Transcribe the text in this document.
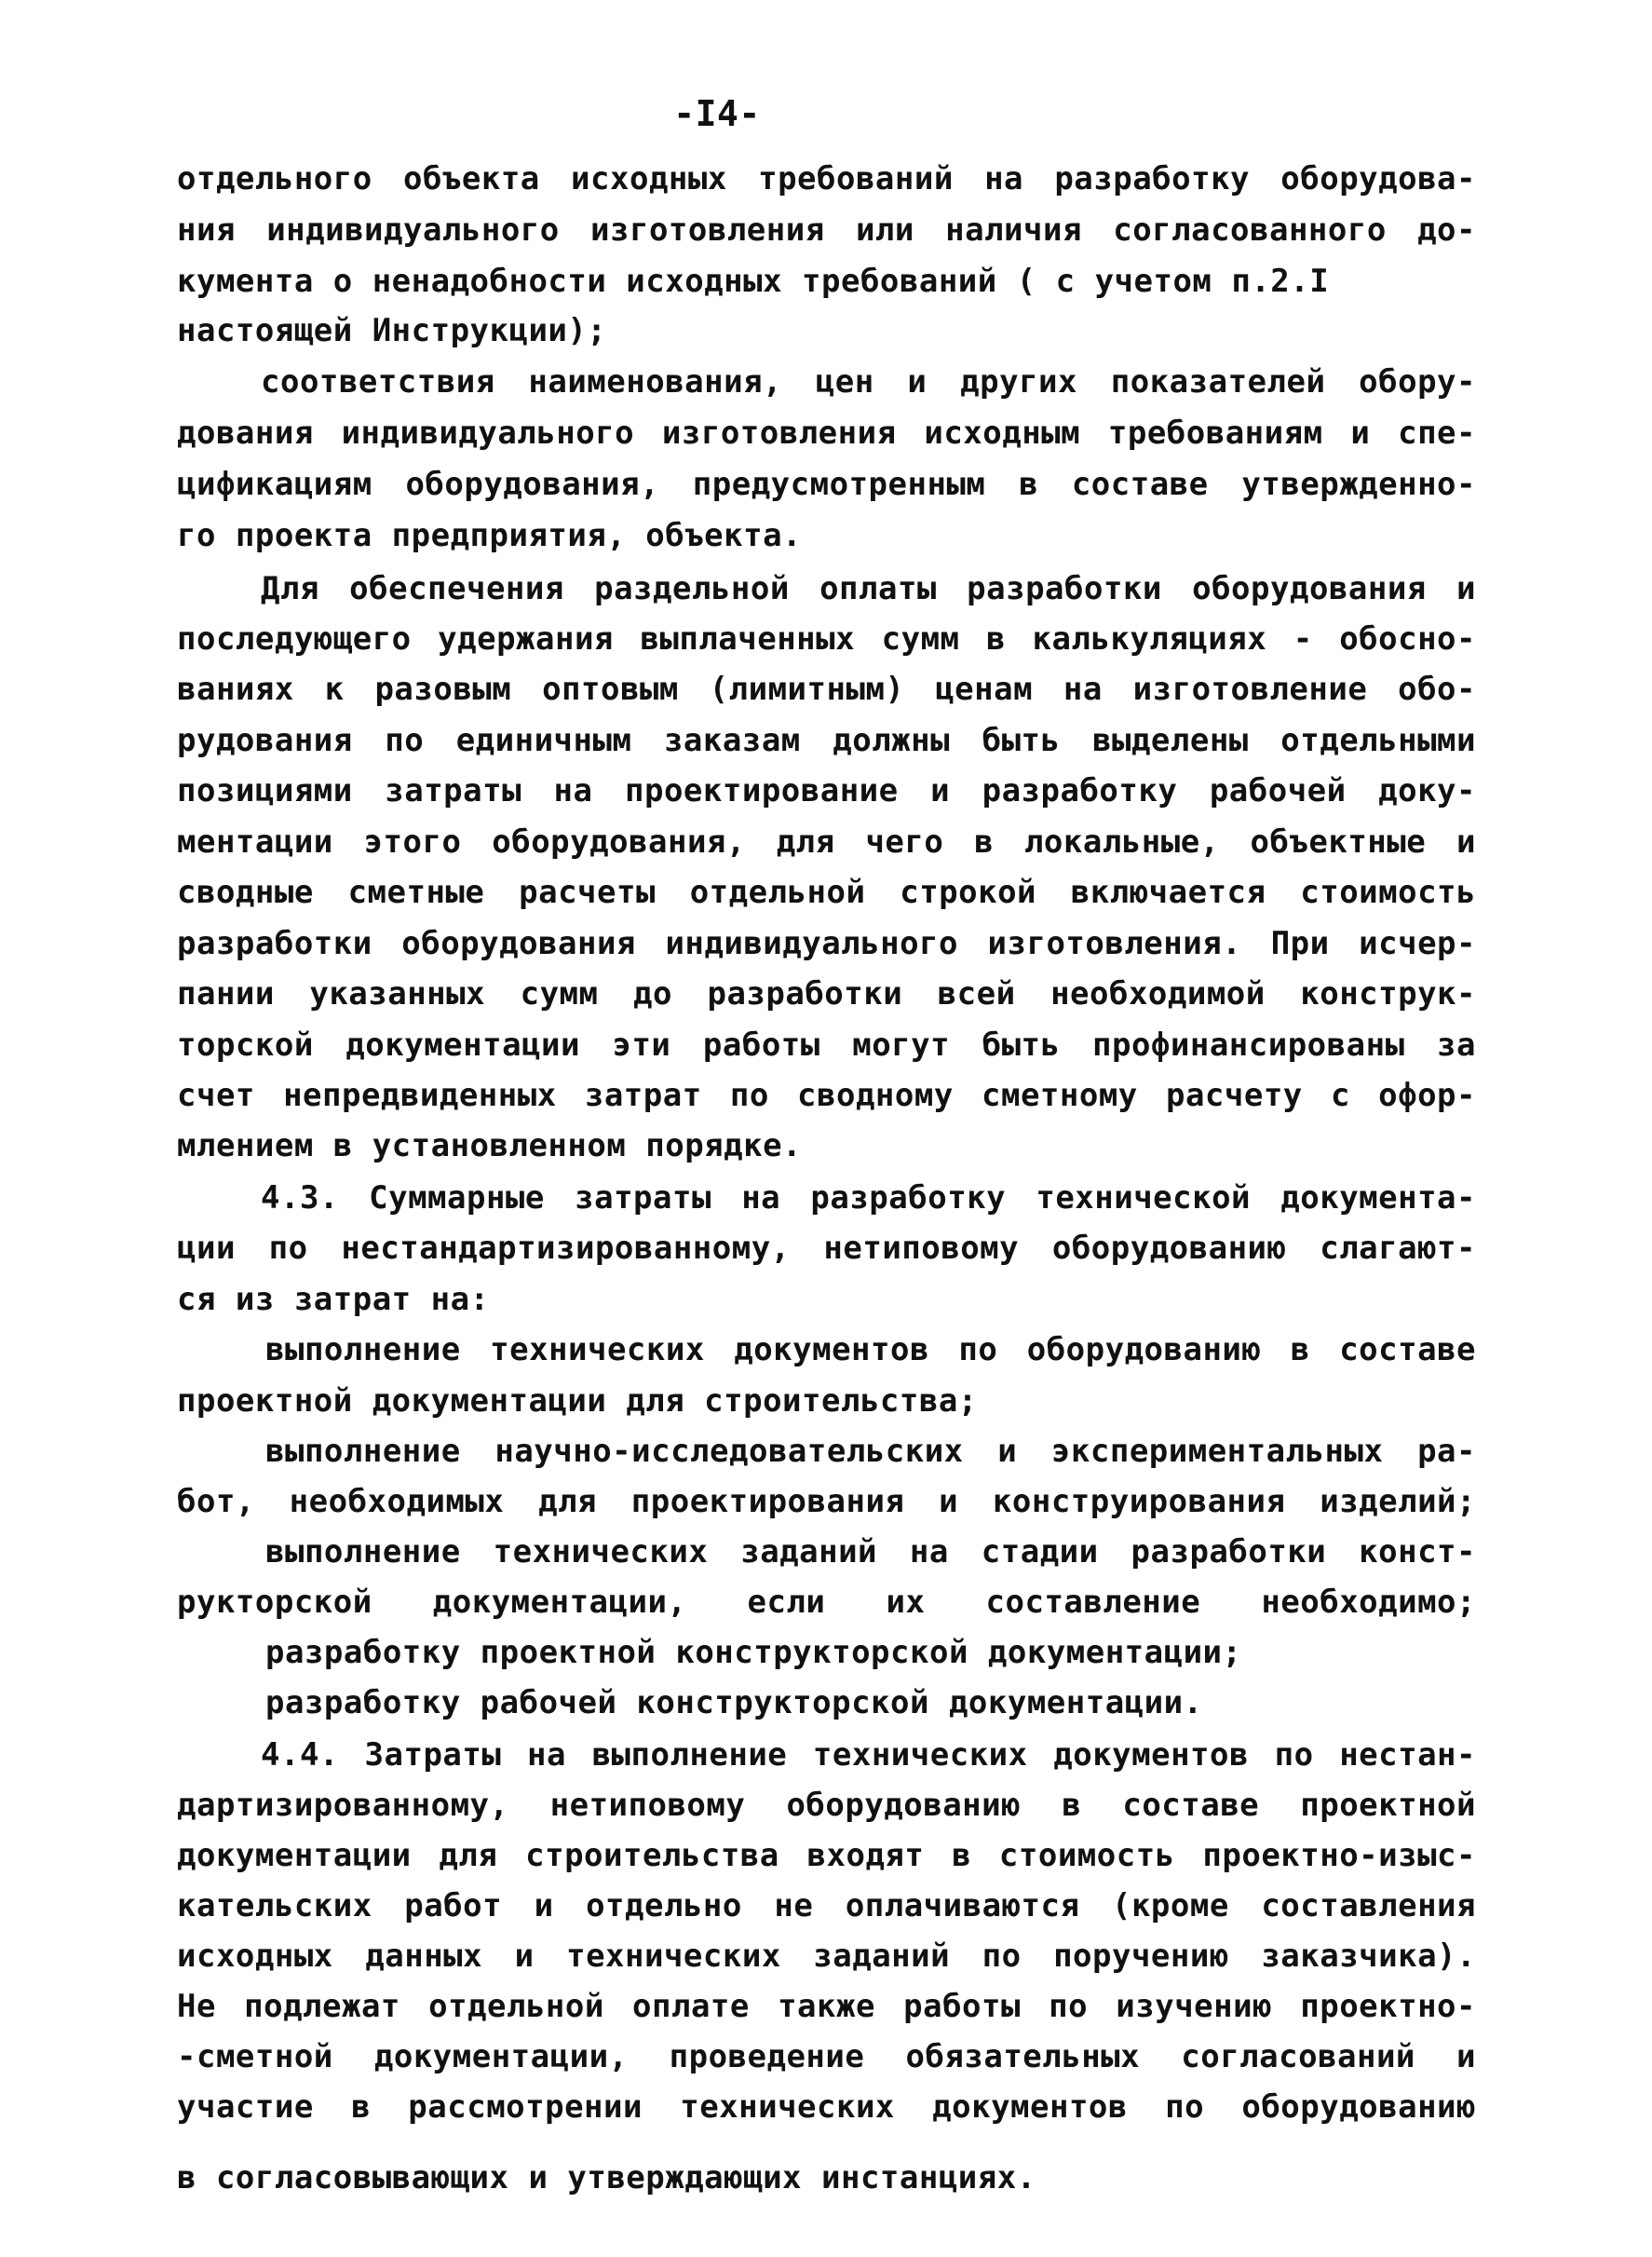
-I4-
отдельного объекта исходных требований на разработку оборудова-
ния индивидуального изготовления или наличия согласованного до-
кумента о ненадобности исходных требований ( с учетом п.2.I
настоящей Инструкции);
соответствия наименования, цен и других показателей обору-
дования индивидуального изготовления исходным требованиям и спе-
цификациям оборудования, предусмотренным в составе утвержденно-
го проекта предприятия, объекта.
Для обеспечения раздельной оплаты разработки оборудования и
последующего удержания выплаченных сумм в калькуляциях - обосно-
ваниях к разовым оптовым (лимитным) ценам на изготовление обо-
рудования по единичным заказам должны быть выделены отдельными
позициями затраты на проектирование и разработку рабочей доку-
ментации этого оборудования, для чего в локальные, объектные и
сводные сметные расчеты отдельной строкой включается стоимость
разработки оборудования индивидуального изготовления. При исчер-
пании указанных сумм до разработки всей необходимой конструк-
торской документации эти работы могут быть профинансированы за
счет непредвиденных затрат по сводному сметному расчету с офор-
млением в установленном порядке.
4.3. Суммарные затраты на разработку технической документа-
ции по нестандартизированному, нетиповому оборудованию слагают-
ся из затрат на:
выполнение технических документов по оборудованию в составе
проектной документации для строительства;
выполнение научно-исследовательских и экспериментальных ра-
бот, необходимых для проектирования и конструирования изделий;
выполнение технических заданий на стадии разработки конст-
рукторской документации, если их составление необходимо;
разработку проектной конструкторской документации;
разработку рабочей конструкторской документации.
4.4. Затраты на выполнение технических документов по нестан-
дартизированному, нетиповому оборудованию в составе проектной
документации для строительства входят в стоимость проектно-изыс-
кательских работ и отдельно не оплачиваются (кроме составления
исходных данных и технических заданий по поручению заказчика).
Не подлежат отдельной оплате также работы по изучению проектно-
-сметной документации, проведение обязательных согласований и
участие в рассмотрении технических документов по оборудованию
в согласовывающих и утверждающих инстанциях.
